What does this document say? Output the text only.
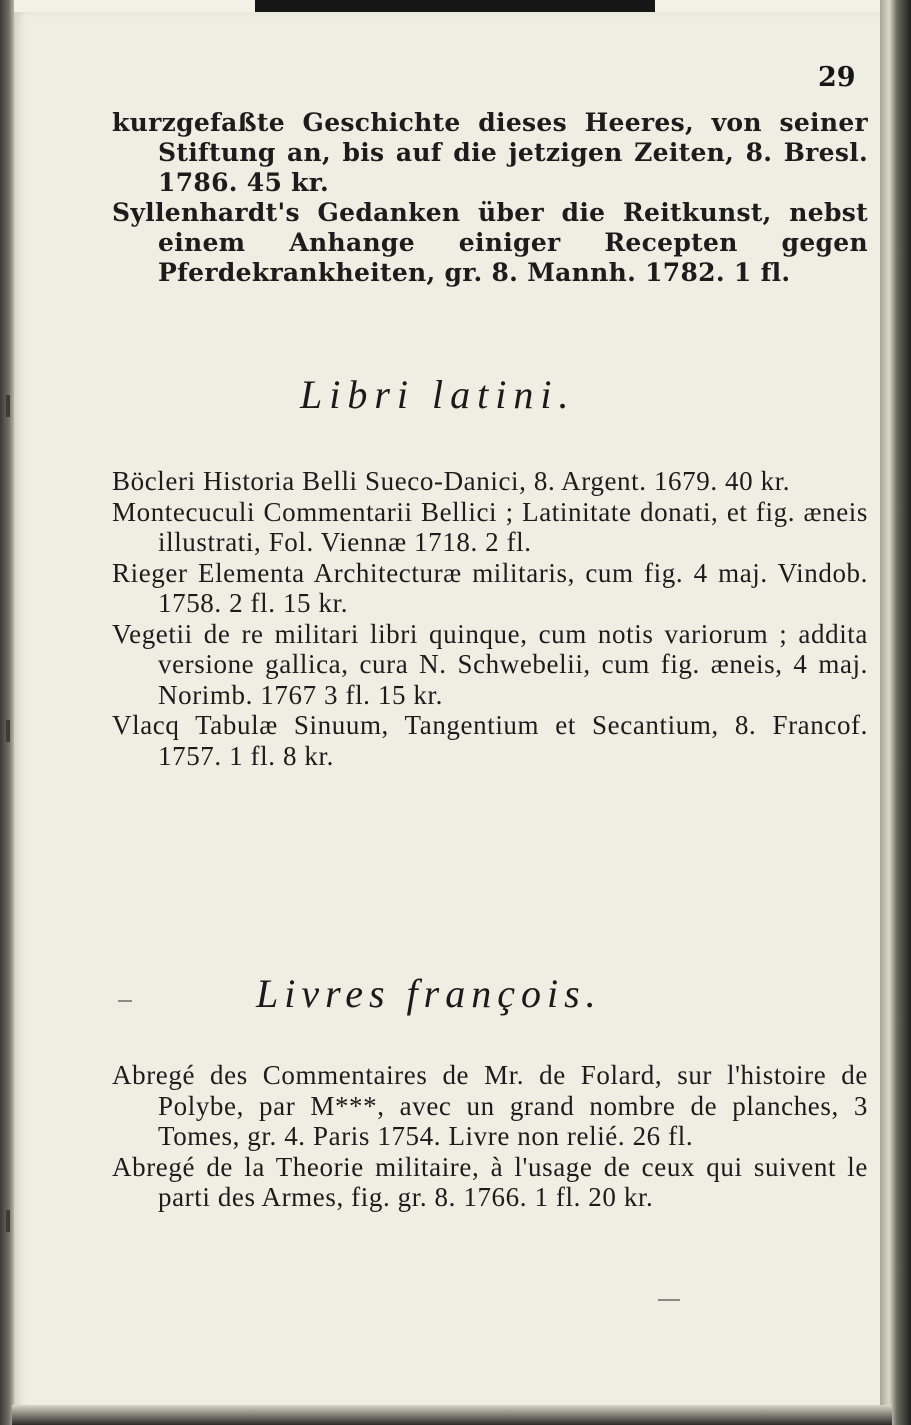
29
kurzgefaßte Geschichte dieses Heeres, von seiner Stiftung an, bis auf die jetzigen Zeiten, 8. Bresl. 1786. 45 kr.
Syllenhardt's Gedanken über die Reitkunst, nebst einem Anhange einiger Recepten gegen Pferdekrankheiten, gr. 8. Mannh. 1782. 1 fl.
Libri latini.
Böcleri Historia Belli Sueco-Danici, 8. Argent. 1679. 40 kr.
Montecuculi Commentarii Bellici ; Latinitate donati, et fig. æneis illustrati, Fol. Viennæ 1718. 2 fl.
Rieger Elementa Architecturæ militaris, cum fig. 4 maj. Vindob. 1758. 2 fl. 15 kr.
Vegetii de re militari libri quinque, cum notis variorum ; addita versione gallica, cura N. Schwebelii, cum fig. æneis, 4 maj. Norimb. 1767 3 fl. 15 kr.
Vlacq Tabulæ Sinuum, Tangentium et Secantium, 8. Francof. 1757. 1 fl. 8 kr.
Livres françois.
Abregé des Commentaires de Mr. de Folard, sur l'histoire de Polybe, par M***, avec un grand nombre de planches, 3 Tomes, gr. 4. Paris 1754. Livre non relié. 26 fl.
Abregé de la Theorie militaire, à l'usage de ceux qui suivent le parti des Armes, fig. gr. 8. 1766. 1 fl. 20 kr.
